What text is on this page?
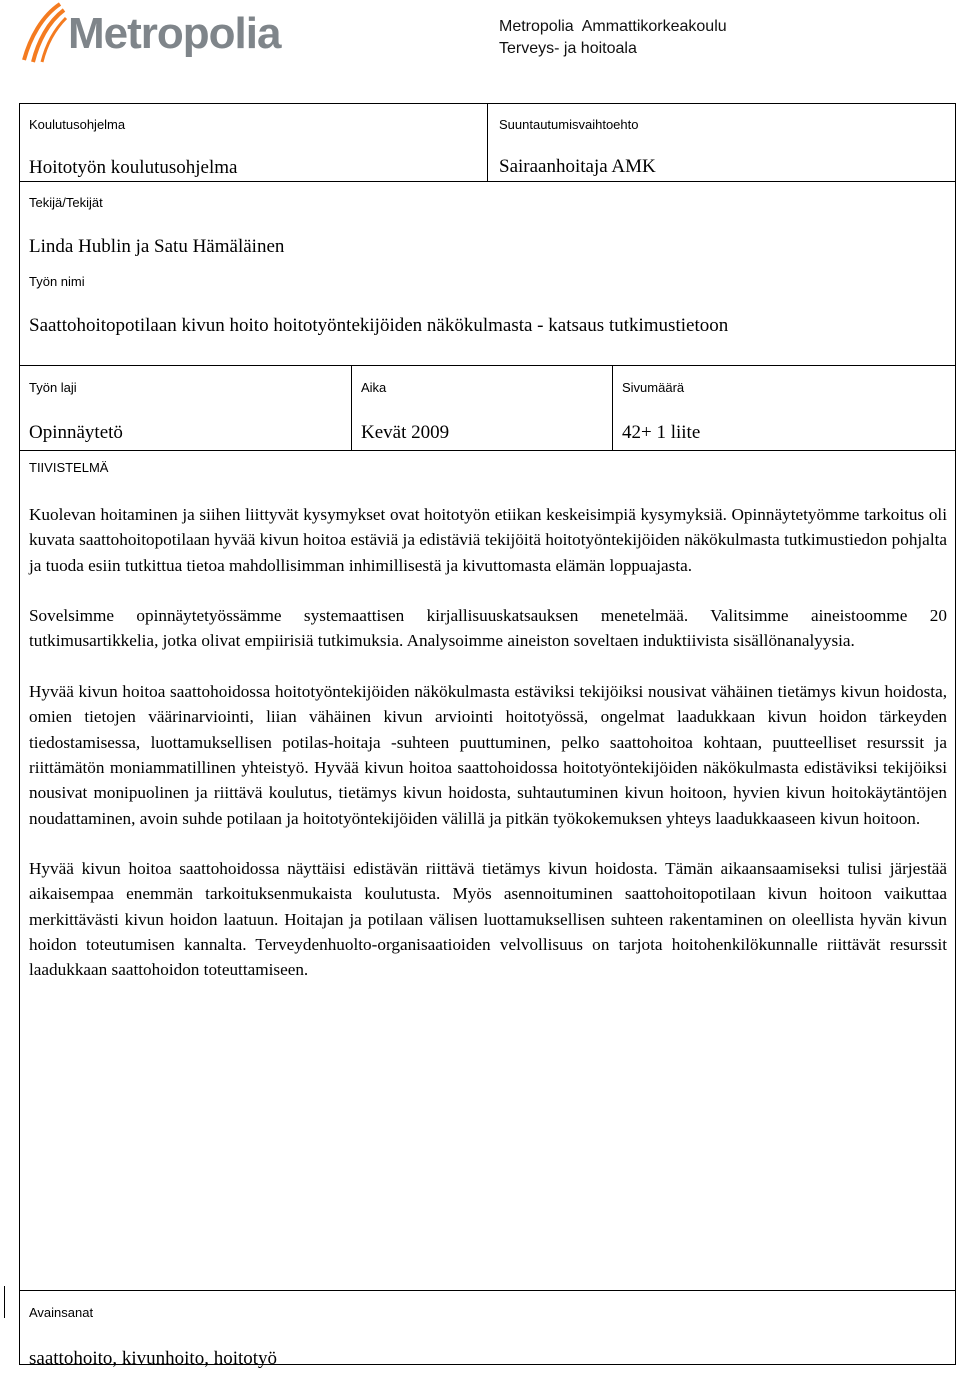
Metropolia	Metropolia  Ammattikorkeakoulu
Terveys- ja hoitoala
Koulutusohjelma
Hoitotyön koulutusohjelma
Suuntautumisvaihtoehto
Sairaanhoitaja AMK
Tekijä/Tekijät
Linda Hublin ja Satu Hämäläinen
Työn nimi
Saattohoitopotilaan kivun hoito hoitotyöntekijöiden näkökulmasta - katsaus tutkimustietoon
Työn laji
Opinnäytetö
Aika
Kevät 2009
Sivumäärä
42+ 1 liite
TIIVISTELMÄ

Kuolevan hoitaminen ja siihen liittyvät kysymykset ovat hoitotyön etiikan keskeisimpiä kysymyksiä. Opinnäytetyömme tarkoitus oli kuvata saattohoitopotilaan hyvää kivun hoitoa estäviä ja edistäviä tekijöitä hoitotyöntekijöiden näkökulmasta tutkimustiedon pohjalta ja tuoda esiin tutkittua tietoa mahdollisimman inhimillisestä ja kivuttomasta elämän loppuajasta.

Sovelsimme opinnäytetyössämme systemaattisen kirjallisuuskatsauksen menetelmää. Valitsimme aineistoomme 20 tutkimusartikkelia, jotka olivat empiirisiä tutkimuksia. Analysoimme aineiston soveltaen induktiivista sisällönanalyysia.

Hyvää kivun hoitoa saattohoidossa hoitotyöntekijöiden näkökulmasta estäviksi tekijöiksi nousivat vähäinen tietämys kivun hoidosta, omien tietojen väärinarviointi, liian vähäinen kivun arviointi hoitotyössä, ongelmat laadukkaan kivun hoidon tärkeyden tiedostamisessa, luottamuksellisen potilas-hoitaja -suhteen puuttuminen, pelko saattohoitoa kohtaan, puutteelliset resurssit ja riittämätön moniammatillinen yhteistyö. Hyvää kivun hoitoa saattohoidossa hoitotyöntekijöiden näkökulmasta edistäviksi tekijöiksi nousivat monipuolinen ja riittävä koulutus, tietämys kivun hoidosta, suhtautuminen kivun hoitoon, hyvien kivun hoitokäytäntöjen noudattaminen, avoin suhde potilaan ja hoitotyöntekijöiden välillä ja pitkän työkokemuksen yhteys laadukkaaseen kivun hoitoon.

Hyvää kivun hoitoa saattohoidossa näyttäisi edistävän riittävä tietämys kivun hoidosta. Tämän aikaansaamiseksi tulisi järjestää aikaisempaa enemmän tarkoituksenmukaista koulutusta. Myös asennoituminen saattohoitopotilaan kivun hoitoon vaikuttaa merkittävästi kivun hoidon laatuun. Hoitajan ja potilaan välisen luottamuksellisen suhteen rakentaminen on oleellista hyvän kivun hoidon toteutumisen kannalta. Terveydenhuolto-organisaatioiden velvollisuus on tarjota hoitohenkilökunnalle riittävät resurssit laadukkaan saattohoidon toteuttamiseen.

Avainsanat
saattohoito, kivunhoito, hoitotyö
